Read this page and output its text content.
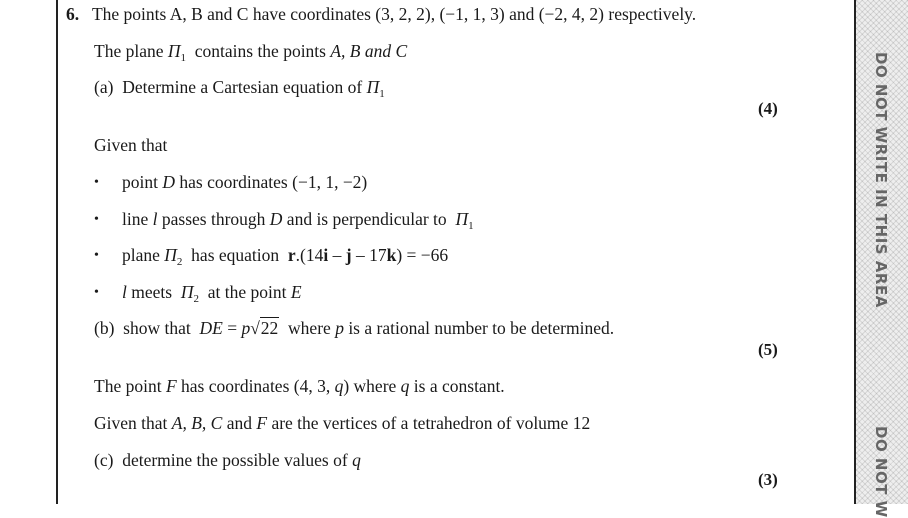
DO NOT WRITE IN THIS AREA
DO NOT W
6. The points A, B and C have coordinates (3, 2, 2), (−1, 1, 3) and (−2, 4, 2) respectively.
The plane $\Pi_1$ contains the points A, B and C
(a) Determine a Cartesian equation of $\Pi_1$
(4)
Given that
• point D has coordinates (−1, 1, −2)
• line l passes through D and is perpendicular to $\Pi_1$
• plane $\Pi_2$ has equation r.(14i – j – 17k) = −66
• l meets $\Pi_2$ at the point E
(b) show that DE = p√22 where p is a rational number to be determined.
(5)
The point F has coordinates (4, 3, q) where q is a constant.
Given that A, B, C and F are the vertices of a tetrahedron of volume 12
(c) determine the possible values of q
(3)
